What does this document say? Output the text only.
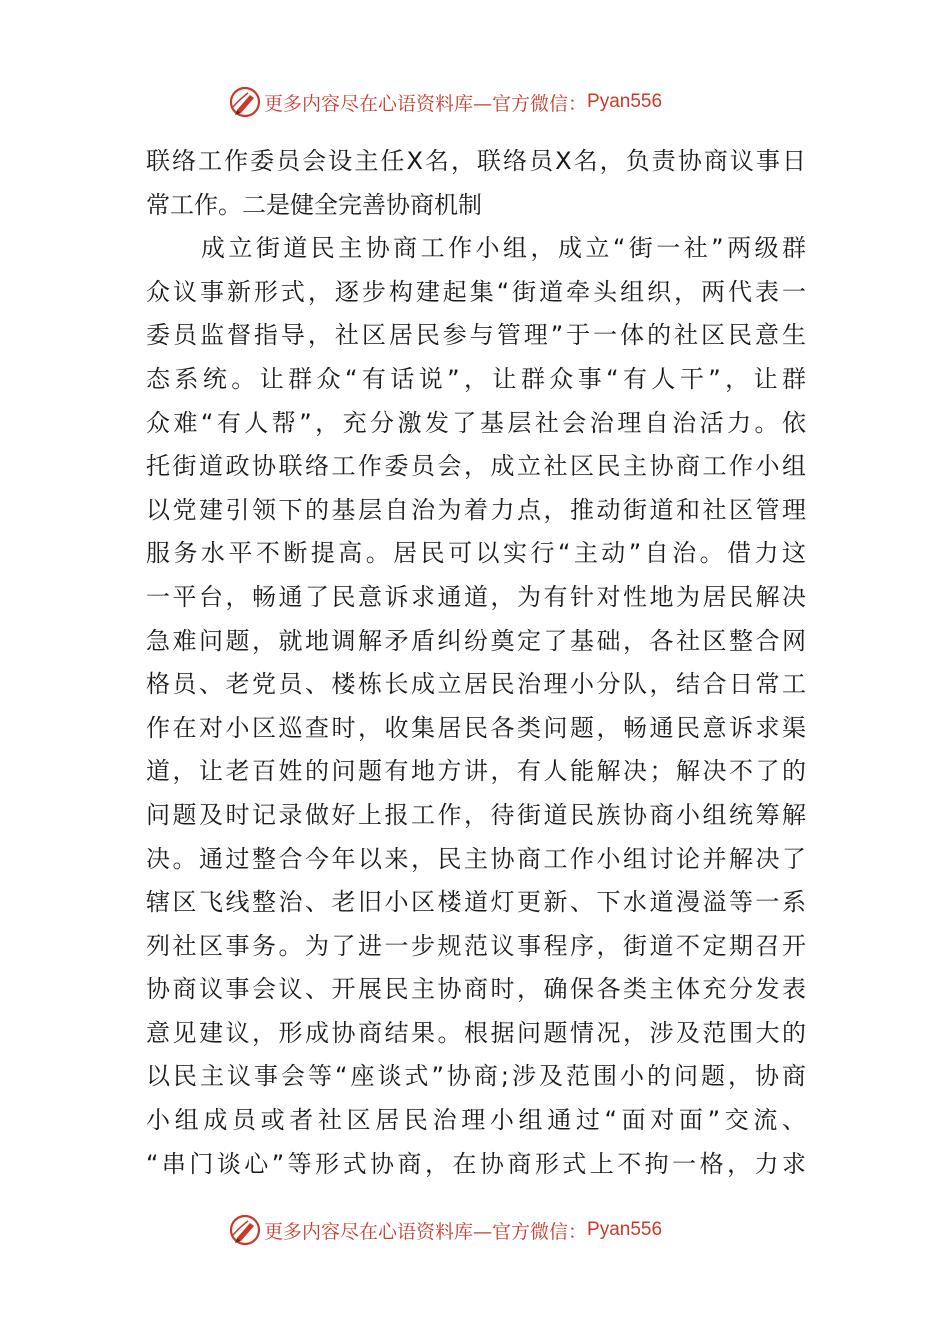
更多内容尽在心语资料库—官方微信： Pyan556
联络工作委员会设主任X名，联络员X名，负责协商议事日
常工作。二是健全完善协商机制
　　成立街道民主协商工作小组，成立“街一社”两级群
众议事新形式，逐步构建起集“街道牵头组织，两代表一
委员监督指导，社区居民参与管理”于一体的社区民意生
态系统。让群众“有话说”，让群众事“有人干”，让群
众难“有人帮”，充分激发了基层社会治理自治活力。依
托街道政协联络工作委员会，成立社区民主协商工作小组
以党建引领下的基层自治为着力点，推动街道和社区管理
服务水平不断提高。居民可以实行“主动”自治。借力这
一平台，畅通了民意诉求通道，为有针对性地为居民解决
急难问题，就地调解矛盾纠纷奠定了基础，各社区整合网
格员、老党员、楼栋长成立居民治理小分队，结合日常工
作在对小区巡查时，收集居民各类问题，畅通民意诉求渠
道，让老百姓的问题有地方讲，有人能解决；解决不了的
问题及时记录做好上报工作，待街道民族协商小组统筹解
决。通过整合今年以来，民主协商工作小组讨论并解决了
辖区飞线整治、老旧小区楼道灯更新、下水道漫溢等一系
列社区事务。为了进一步规范议事程序，街道不定期召开
协商议事会议、开展民主协商时，确保各类主体充分发表
意见建议，形成协商结果。根据问题情况，涉及范围大的
以民主议事会等“座谈式”协商;涉及范围小的问题，协商
小组成员或者社区居民治理小组通过“面对面”交流、
“串门谈心”等形式协商，在协商形式上不拘一格，力求
更多内容尽在心语资料库—官方微信： Pyan556
